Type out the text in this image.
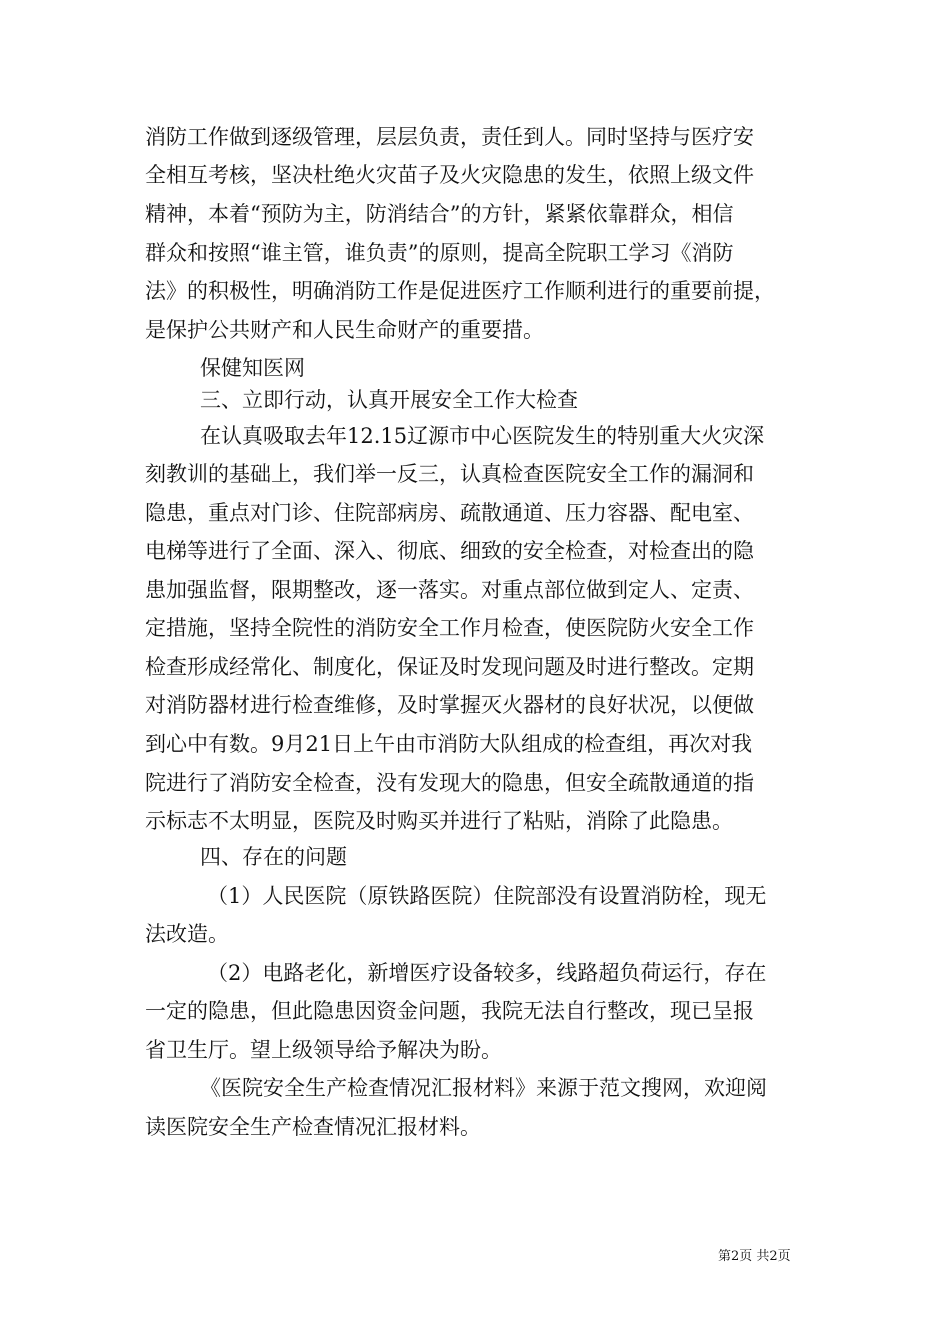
消防工作做到逐级管理，层层负责，责任到人。同时坚持与医疗安
全相互考核，坚决杜绝火灾苗子及火灾隐患的发生，依照上级文件
精神，本着“预防为主，防消结合”的方针，紧紧依靠群众，相信
群众和按照“谁主管，谁负责”的原则，提高全院职工学习《消防
法》的积极性，明确消防工作是促进医疗工作顺利进行的重要前提，
是保护公共财产和人民生命财产的重要措。
保健知医网
三、立即行动，认真开展安全工作大检查
在认真吸取去年12.15辽源市中心医院发生的特别重大火灾深
刻教训的基础上，我们举一反三，认真检查医院安全工作的漏洞和
隐患，重点对门诊、住院部病房、疏散通道、压力容器、配电室、
电梯等进行了全面、深入、彻底、细致的安全检查，对检查出的隐
患加强监督，限期整改，逐一落实。对重点部位做到定人、定责、
定措施，坚持全院性的消防安全工作月检查，使医院防火安全工作
检查形成经常化、制度化，保证及时发现问题及时进行整改。定期
对消防器材进行检查维修，及时掌握灭火器材的良好状况，以便做
到心中有数。9月21日上午由市消防大队组成的检查组，再次对我
院进行了消防安全检查，没有发现大的隐患，但安全疏散通道的指
示标志不太明显，医院及时购买并进行了粘贴，消除了此隐患。
四、存在的问题
（1）人民医院（原铁路医院）住院部没有设置消防栓，现无
法改造。
（2）电路老化，新增医疗设备较多，线路超负荷运行，存在
一定的隐患，但此隐患因资金问题，我院无法自行整改，现已呈报
省卫生厅。望上级领导给予解决为盼。
《医院安全生产检查情况汇报材料》来源于范文搜网，欢迎阅
读医院安全生产检查情况汇报材料。
第2页 共2页
